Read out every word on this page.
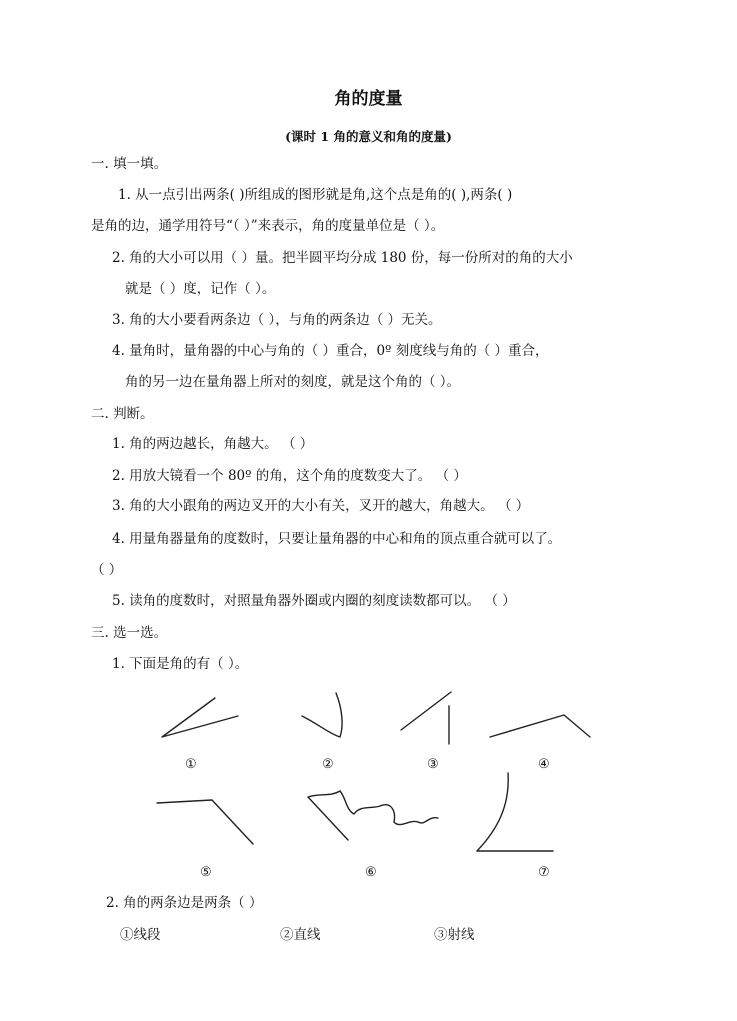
角的度量
(课时 1 角的意义和角的度量)
一. 填一填。
1. 从一点引出两条( )所组成的图形就是角,这个点是角的( ),两条( )
是角的边，通学用符号“（ ）”来表示，角的度量单位是（ ）。
2. 角的大小可以用（ ）量。把半圆平均分成 180 份，每一份所对的角的大小
就是（ ）度，记作（ ）。
3. 角的大小要看两条边（ ），与角的两条边（ ）无关。
4. 量角时，量角器的中心与角的（ ）重合，0º 刻度线与角的（ ）重合，
角的另一边在量角器上所对的刻度，就是这个角的（ ）。
二. 判断。
1. 角的两边越长，角越大。 （ ）
2. 用放大镜看一个 80º 的角，这个角的度数变大了。 （ ）
3. 角的大小跟角的两边叉开的大小有关，叉开的越大，角越大。 （ ）
4. 用量角器量角的度数时，只要让量角器的中心和角的顶点重合就可以了。
（ ）
5. 读角的度数时，对照量角器外圈或内圈的刻度读数都可以。 （ ）
三. 选一选。
1. 下面是角的有（ ）。
①	②	③	④
⑤	⑥	⑦
2. 角的两条边是两条（ ）
①线段	②直线	③射线
